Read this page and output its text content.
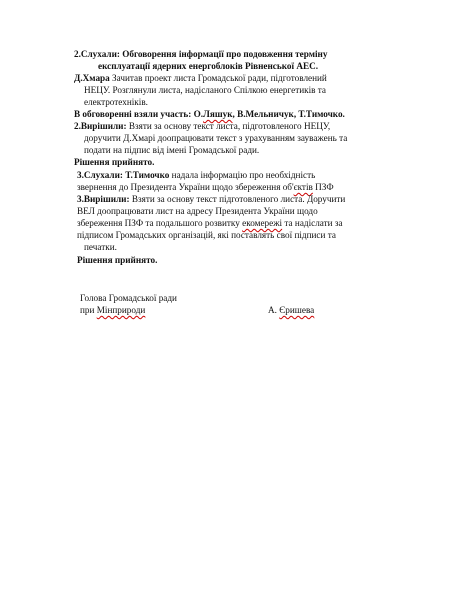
2.Слухали: Обговорення інформації про подовження терміну
експлуатації ядерних енергоблоків Рівненської АЕС.
Д.Хмара Зачитав проект листа Громадської ради, підготовлений
НЕЦУ. Розглянули листа, надісланого Спілкою енергетиків та
електротехніків.
В обговоренні взяли участь: О.Ляшук, В.Мельничук, Т.Тимочко.
2.Вирішили: Взяти за основу текст листа, підготовленого НЕЦУ,
доручити Д.Хмарі доопрацювати текст з урахуванням зауважень та
подати на підпис від імені Громадської ради.
Рішення прийнято.
3.Слухали: Т.Тимочко надала інформацію про необхідність
звернення до Президента України щодо збереження об'єктів ПЗФ
3.Вирішили: Взяти за основу текст підготовленого листа. Доручити
ВЕЛ доопрацювати лист на адресу Президента України щодо
збереження ПЗФ та подальшого розвитку екомережі та надіслати за
підписом Громадських організацій, які поставлять свої підписи та
печатки.
Рішення прийнято.
Голова Громадської ради
при Мінприроди	А. Єришева
